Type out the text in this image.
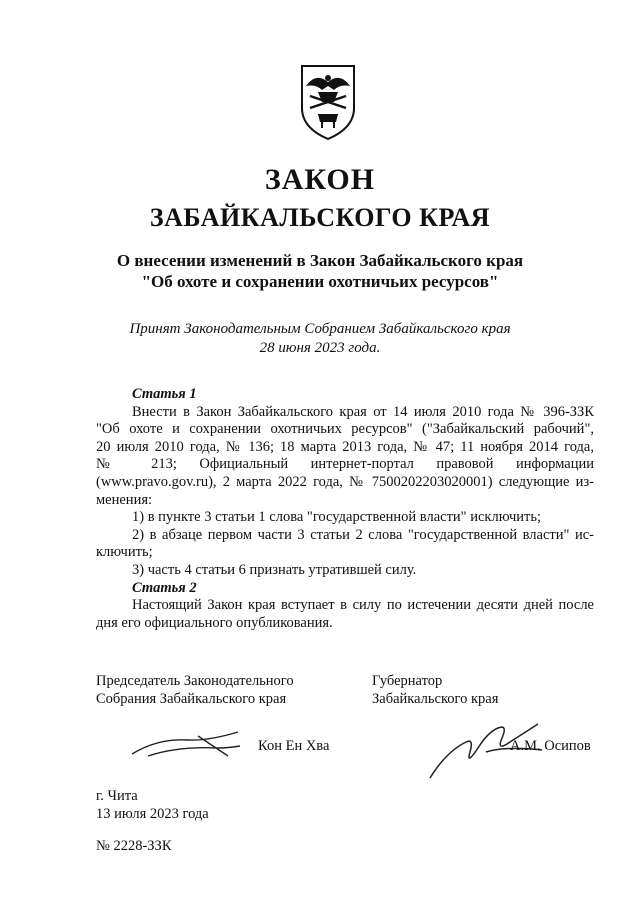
ЗАКОН
ЗАБАЙКАЛЬСКОГО КРАЯ
О внесении изменений в Закон Забайкальского края
"Об охоте и сохранении охотничьих ресурсов"
Принят Законодательным Собранием Забайкальского края
28 июня 2023 года.
Статья 1
Внести в Закон Забайкальского края от 14 июля 2010 года № 396-ЗЗК
"Об охоте и сохранении охотничьих ресурсов" ("Забайкальский рабочий",
20 июля 2010 года, № 136; 18 марта 2013 года, № 47; 11 ноября 2014 года,
№ 213; Официальный интернет-портал правовой информации
(www.pravo.gov.ru), 2 марта 2022 года, № 7500202203020001) следующие из-
менения:
1) в пункте 3 статьи 1 слова "государственной власти" исключить;
2) в абзаце первом части 3 статьи 2 слова "государственной власти" ис-
ключить;
3) часть 4 статьи 6 признать утратившей силу.
Статья 2
Настоящий Закон края вступает в силу по истечении десяти дней после
дня его официального опубликования.
Председатель Законодательного
Собрания Забайкальского края
Губернатор
Забайкальского края
Кон Ен Хва	А.М. Осипов
г. Чита
13 июля 2023 года
№ 2228-ЗЗК
